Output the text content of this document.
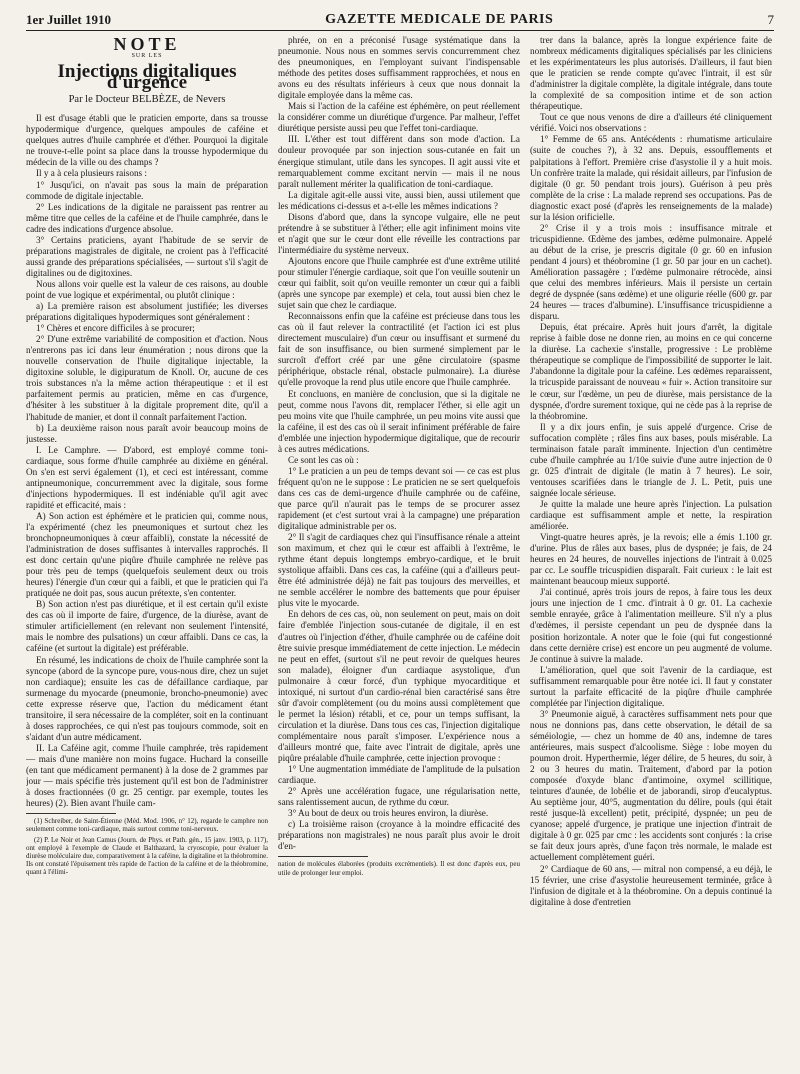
1er Juillet 1910	GAZETTE MEDICALE DE PARIS	7
NOTE
SUR LES
Injections digitaliques d'urgence
Par le Docteur BELBÈZE, de Nevers

Il est d'usage établi que le praticien emporte, dans sa trousse hypodermique d'urgence, quelques ampoules de caféine et quelques autres d'huile camphrée et d'éther. Pourquoi la digitale ne trouve-t-elle point sa place dans la trousse hypodermique du médecin de la ville ou des champs ?

Il y a à cela plusieurs raisons :

1° Jusqu'ici, on n'avait pas sous la main de préparation commode de digitale injectable.

2° Les indications de la digitale ne paraissent pas rentrer au même titre que celles de la caféine et de l'huile camphrée, dans le cadre des indications d'urgence absolue.

3° Certains praticiens, ayant l'habitude de se servir de préparations magistrales de digitale, ne croient pas à l'efficacité aussi grande des préparations spécialisées, — surtout s'il s'agit de digitalines ou de digitoxines.

Nous allons voir quelle est la valeur de ces raisons, au double point de vue logique et expérimental, ou plutôt clinique :

a) La première raison est absolument justifiée; les diverses préparations digitaliques hypodermiques sont généralement :

1° Chères et encore difficiles à se procurer;

2° D'une extrême variabilité de composition et d'action. Nous n'entrerons pas ici dans leur énumération ; nous dirons que la nouvelle conservation de l'huile digitalique injectable, la digitoxine soluble, le digipuratum de Knoll. Or, aucune de ces trois substances n'a la même action thérapeutique : et il est parfaitement permis au praticien, même en cas d'urgence, d'hésiter à les substituer à la digitale proprement dite, qu'il a l'habitude de manier, et dont il connaît parfaitement l'action.

b) La deuxième raison nous paraît avoir beaucoup moins de justesse.

I. Le Camphre. — D'abord, est employé comme toni-cardiaque, sous forme d'huile camphrée au dixième en général. On s'en est servi également (1), et ceci est intéressant, comme antipneumonique, concurremment avec la digitale, sous forme d'injections hypodermiques. Il est indéniable qu'il agit avec rapidité et efficacité, mais :

A) Son action est éphémère et le praticien qui, comme nous, l'a expérimenté (chez les pneumoniques et surtout chez les bronchopneumoniques à cœur affaibli), constate la nécessité de l'administration de doses suffisantes à intervalles rapprochés. Il est donc certain qu'une piqûre d'huile camphrée ne relève pas pour très peu de temps (quelquefois seulement deux ou trois heures) l'énergie d'un cœur qui a faibli, et que le praticien qui l'a pratiquée ne doit pas, sous aucun prétexte, s'en contenter.

B) Son action n'est pas diurétique, et il est certain qu'il existe des cas où il importe de faire, d'urgence, de la diurèse, avant de stimuler artificiellement (en relevant non seulement l'intensité, mais le nombre des pulsations) un cœur affaibli. Dans ce cas, la caféine (et surtout la digitale) est préférable.

En résumé, les indications de choix de l'huile camphrée sont la syncope (abord de la syncope pure, vous-nous dire, chez un sujet non cardiaque); ensuite les cas de défaillance cardiaque, par surmenage du myocarde (pneumonie, broncho-pneumonie) avec cette expresse réserve que, l'action du médicament étant transitoire, il sera nécessaire de la compléter, soit en la continuant à doses rapprochées, ce qui n'est pas toujours commode, soit en s'aidant d'un autre médicament.

II. La Caféine agit, comme l'huile camphrée, très rapidement — mais d'une manière non moins fugace. Huchard la conseille (en tant que médicament permanent) à la dose de 2 grammes par jour — mais spécifie très justement qu'il est bon de l'administrer à doses fractionnées (0 gr. 25 centigr. par exemple, toutes les heures) (2). Bien avant l'huile cam-

(1) Schreiber, de Saint-Étienne (Méd. Mod. 1906, n° 12), regarde le camphre non seulement comme toni-cardiaque, mais surtout comme toni-nerveux.

(2) P. Le Noir et Jean Camus (Journ. de Phys. et Path. gén., 15 janv. 1903, p. 117), ont employé à l'exemple de Claude et Balthazard, la cryoscopie, pour évaluer la diurèse moléculaire due, comparativement à la caféine, la digitaline et la théobromine. Ils ont constaté l'épuisement très rapide de l'action de la caféine et de la théobromine, quant à l'élimi-

phrée, on en a préconisé l'usage systématique dans la pneumonie. Nous nous en sommes servis concurremment chez des pneumoniques, en l'employant suivant l'indispensable méthode des petites doses suffisamment rapprochées, et nous en avons eu des résultats inférieurs à ceux que nous donnait la digitale employée dans la même cas.

Mais si l'action de la caféine est éphémère, on peut réellement la considérer comme un diurétique d'urgence. Par malheur, l'effet diurétique persiste aussi peu que l'effet toni-cardiaque.

III. L'éther est tout différent dans son mode d'action. La douleur provoquée par son injection sous-cutanée en fait un énergique stimulant, utile dans les syncopes. Il agit aussi vite et remarquablement comme excitant nervin — mais il ne nous paraît nullement mériter la qualification de toni-cardiaque.

La digitale agit-elle aussi vite, aussi bien, aussi utilement que les médications ci-dessus et a-t-elle les mêmes indications ?

Disons d'abord que, dans la syncope vulgaire, elle ne peut prétendre à se substituer à l'éther; elle agit infiniment moins vite et n'agit que sur le cœur dont elle réveille les contractions par l'intermédiaire du système nerveux.

Ajoutons encore que l'huile camphrée est d'une extrême utilité pour stimuler l'énergie cardiaque, soit que l'on veuille soutenir un cœur qui faiblit, soit qu'on veuille remonter un cœur qui a faibli (après une syncope par exemple) et cela, tout aussi bien chez le sujet sain que chez le cardiaque.

Reconnaissons enfin que la caféine est précieuse dans tous les cas où il faut relever la contractilité (et l'action ici est plus directement musculaire) d'un cœur ou insuffisant et surmené du fait de son insuffisance, ou bien surmené simplement par le surcroît d'effort créé par une gêne circulatoire (spasme périphérique, obstacle rénal, obstacle pulmonaire). La diurèse qu'elle provoque la rend plus utile encore que l'huile camphrée.

Et concluons, en manière de conclusion, que si la digitale ne peut, comme nous l'avons dit, remplacer l'éther, si elle agit un peu moins vite que l'huile camphrée, un peu moins vite aussi que la caféine, il est des cas où il serait infiniment préférable de faire d'emblée une injection hypodermique digitalique, que de recourir à ces autres médications.

Ce sont les cas où :

1° Le praticien a un peu de temps devant soi — ce cas est plus fréquent qu'on ne le suppose : Le praticien ne se sert quelquefois dans ces cas de demi-urgence d'huile camphrée ou de caféine, que parce qu'il n'aurait pas le temps de se procurer assez rapidement (et c'est surtout vrai à la campagne) une préparation digitalique administrable per os.

2° Il s'agit de cardiaques chez qui l'insuffisance rénale a atteint son maximum, et chez qui le cœur est affaibli à l'extrême, le rythme étant depuis longtemps embryo-cardique, et le bruit systolique affaibli. Dans ces cas, la caféine (qui a d'ailleurs peut-être été administrée déjà) ne fait pas toujours des merveilles, et ne semble accélérer le nombre des battements que pour épuiser plus vite le myocarde.

En dehors de ces cas, où, non seulement on peut, mais on doit faire d'emblée l'injection sous-cutanée de digitale, il en est d'autres où l'injection d'éther, d'huile camphrée ou de caféine doit être suivie presque immédiatement de cette injection. Le médecin ne peut en effet, (surtout s'il ne peut revoir de quelques heures son malade), éloigner d'un cardiaque asystolique, d'un pulmonaire à cœur forcé, d'un typhique myocarditique et intoxiqué, ni surtout d'un cardio-rénal bien caractérisé sans être sûr d'avoir complètement (ou du moins aussi complètement que le permet la lésion) rétabli, et ce, pour un temps suffisant, la circulation et la diurèse. Dans tous ces cas, l'injection digitalique complémentaire nous paraît s'imposer. L'expérience nous a d'ailleurs montré que, faite avec l'intrait de digitale, après une piqûre préalable d'huile camphrée, cette injection provoque :

1° Une augmentation immédiate de l'amplitude de la pulsation cardiaque.

2° Après une accélération fugace, une régularisation nette, sans ralentissement aucun, de rythme du cœur.

3° Au bout de deux ou trois heures environ, la diurèse.

c) La troisième raison (croyance à la moindre efficacité des préparations non magistrales) ne nous paraît plus avoir le droit d'en-

nation de molécules élaborées (produits excrémentiels). Il est donc d'après eux, peu utile de prolonger leur emploi.

trer dans la balance, après la longue expérience faite de nombreux médicaments digitaliques spécialisés par les cliniciens et les expérimentateurs les plus autorisés. D'ailleurs, il faut bien que le praticien se rende compte qu'avec l'intrait, il est sûr d'administrer la digitale complète, la digitale intégrale, dans toute la complexité de sa composition intime et de son action thérapeutique.

Tout ce que nous venons de dire a d'ailleurs été cliniquement vérifié. Voici nos observations :

1° Femme de 65 ans. Antécédents : rhumatisme articulaire (suite de couches ?), à 32 ans. Depuis, essoufflements et palpitations à l'effort. Première crise d'asystolie il y a huit mois. Un confrère traite la malade, qui résidait ailleurs, par l'infusion de digitale (0 gr. 50 pendant trois jours). Guérison à peu près complète de la crise : La malade reprend ses occupations. Pas de diagnostic exact posé (d'après les renseignements de la malade) sur la lésion orificielle.

2° Crise il y a trois mois : insuffisance mitrale et tricuspidienne. Œdème des jambes, œdème pulmonaire. Appelé au début de la crise, je prescris digitale (0 gr. 60 en infusion pendant 4 jours) et théobromine (1 gr. 50 par jour en un cachet). Amélioration passagère ; l'œdème pulmonaire rétrocède, ainsi que celui des membres inférieurs. Mais il persiste un certain degré de dyspnée (sans œdème) et une oligurie réelle (600 gr. par 24 heures — traces d'albumine). L'insuffisance tricuspidienne a disparu.

Depuis, état précaire. Après huit jours d'arrêt, la digitale reprise à faible dose ne donne rien, au moins en ce qui concerne la diurèse. La cachexie s'installe, progressive : Le problème thérapeutique se complique de l'impossibilité de supporter le lait. J'abandonne la digitale pour la caféine. Les œdèmes reparaissent, la tricuspide paraissant de nouveau « fuir ». Action transitoire sur le cœur, sur l'œdème, un peu de diurèse, mais persistance de la dyspnée, d'ordre surement toxique, qui ne cède pas à la reprise de la théobromine.

Il y a dix jours enfin, je suis appelé d'urgence. Crise de suffocation complète ; râles fins aux bases, pouls misérable. La terminaison fatale paraît imminente. Injection d'un centimètre cube d'huile camphrée au 1/10e suivie d'une autre injection de 0 gr. 025 d'intrait de digitale (le matin à 7 heures). Le soir, ventouses scarifiées dans le triangle de J. L. Petit, puis une saignée locale sérieuse.

Je quitte la malade une heure après l'injection. La pulsation cardiaque est suffisamment ample et nette, la respiration améliorée.

Vingt-quatre heures après, je la revois; elle a émis 1.100 gr. d'urine. Plus de râles aux bases, plus de dyspnée; je fais, de 24 heures en 24 heures, de nouvelles injections de l'intrait à 0.025 par cc. Le souffle tricuspidien disparaît. Fait curieux : le lait est maintenant beaucoup mieux supporté.

J'ai continué, après trois jours de repos, à faire tous les deux jours une injection de 1 cmc. d'intrait à 0 gr. 01. La cachexie semble enrayée, grâce à l'alimentation meilleure. S'il n'y a plus d'œdèmes, il persiste cependant un peu de dyspnée dans la position horizontale. A noter que le foie (qui fut congestionné dans cette dernière crise) est encore un peu augmenté de volume. Je continue à suivre la malade.

L'amélioration, quel que soit l'avenir de la cardiaque, est suffisamment remarquable pour être notée ici. Il faut y constater surtout la parfaite efficacité de la piqûre d'huile camphrée complétée par l'injection digitalique.

3° Pneumonie aiguë, à caractères suffisamment nets pour que nous ne donnions pas, dans cette observation, le détail de sa séméiologie, — chez un homme de 40 ans, indemne de tares antérieures, mais suspect d'alcoolisme. Siège : lobe moyen du poumon droit. Hyperthermie, léger délire, de 5 heures, du soir, à 2 ou 3 heures du matin. Traitement, d'abord par la potion composée d'oxyde blanc d'antimoine, oxymel scillitique, teintures d'aunée, de lobélie et de jaborandi, sirop d'eucalyptus. Au septième jour, 40°5, augmentation du délire, pouls (qui était resté jusque-là excellent) petit, précipité, dyspnée; un peu de cyanose; appelé d'urgence, je pratique une injection d'intrait de digitale à 0 gr. 025 par cmc : les accidents sont conjurés : la crise se fait deux jours après, d'une façon très normale, le malade est actuellement complètement guéri.

2° Cardiaque de 60 ans, — mitral non compensé, a eu déjà, le 15 février, une crise d'asystolie heureusement terminée, grâce à l'infusion de digitale et à la théobromine. On a depuis continué la digitaline à dose d'entretien
